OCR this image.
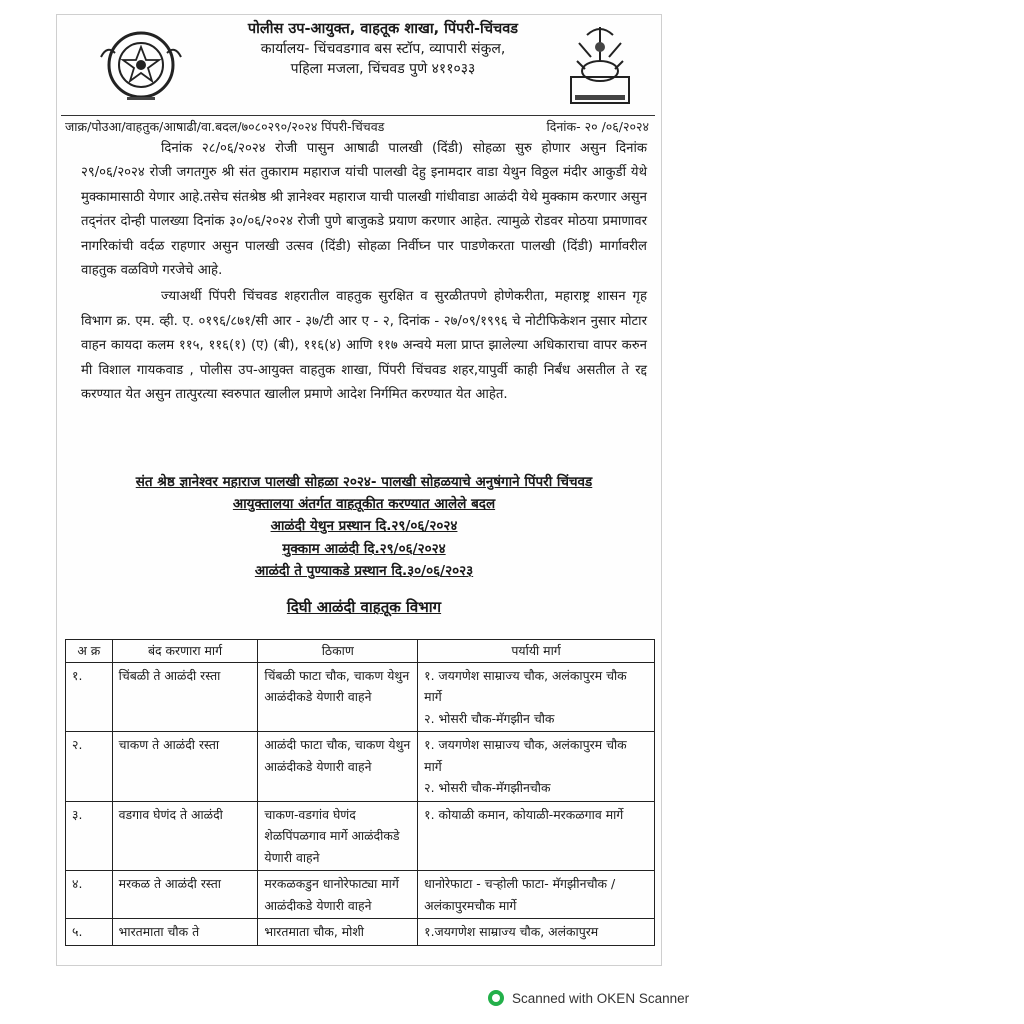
पोलीस उप-आयुक्त, वाहतूक शाखा, पिंपरी-चिंचवड
कार्यालय- चिंचवडगाव बस स्टॉप, व्यापारी संकुल,
पहिला मजला, चिंचवड पुणे ४११०३३
जाक्र/पोउआ/वाहतुक/आषाढी/वा.बदल/७०८०२९०/२०२४ पिंपरी-चिंचवड	दिनांक- २० /०६/२०२४

दिनांक २८/०६/२०२४ रोजी पासुन आषाढी पालखी (दिंडी) सोहळा सुरु होणार असुन दिनांक २९/०६/२०२४ रोजी जगतगुरु श्री संत तुकाराम महाराज यांची पालखी देहु इनामदार वाडा येथुन विठ्ठल मंदीर आकुर्डी येथे मुक्कामासाठी येणार आहे.तसेच संतश्रेष्ठ श्री ज्ञानेश्वर महाराज याची पालखी गांधीवाडा आळंदी येथे मुक्काम करणार असुन तद्नंतर दोन्ही पालख्या दिनांक ३०/०६/२०२४ रोजी पुणे बाजुकडे प्रयाण करणार आहेत. त्यामुळे रोडवर मोठया प्रमाणावर नागरिकांची वर्दळ राहणार असुन पालखी उत्सव (दिंडी) सोहळा निर्वीघ्न पार पाडणेकरता पालखी (दिंडी) मार्गावरील वाहतुक वळविणे गरजेचे आहे.

ज्याअर्थी पिंपरी चिंचवड शहरातील वाहतुक सुरक्षित व सुरळीतपणे होणेकरीता, महाराष्ट्र शासन गृह विभाग क्र. एम. व्ही. ए. ०१९६/८७१/सी आर - ३७/टी आर ए - २, दिनांक - २७/०९/१९९६ चे नोटीफिकेशन नुसार मोटार वाहन कायदा कलम ११५, ११६(१) (ए) (बी), ११६(४) आणि ११७ अन्वये मला प्राप्त झालेल्या अधिकाराचा वापर करुन मी विशाल गायकवाड , पोलीस उप-आयुक्त वाहतुक शाखा, पिंपरी चिंचवड शहर,यापुर्वी काही निर्बंध असतील ते रद्द करण्यात येत असुन तात्पुरत्या स्वरुपात खालील प्रमाणे आदेश निर्गमित करण्यात येत आहेत.

संत श्रेष्ठ ज्ञानेश्वर महाराज पालखी सोहळा २०२४- पालखी सोहळयाचे अनुषंगाने पिंपरी चिंचवड
आयुक्तालया अंतर्गत वाहतूकीत करण्यात आलेले बदल
आळंदी येथुन प्रस्थान दि.२९/०६/२०२४
मुक्काम आळंदी दि.२९/०६/२०२४
आळंदी ते पुण्याकडे प्रस्थान दि.३०/०६/२०२३
दिघी आळंदी वाहतूक विभाग
अ क्र	बंद करणारा मार्ग	ठिकाण	पर्यायी मार्ग
१.	चिंबळी ते आळंदी रस्ता	चिंबळी फाटा चौक, चाकण येथुन आळंदीकडे येणारी वाहने	१. जयगणेश साम्राज्य चौक, अलंकापुरम चौक मार्गे
२. भोसरी चौक-मॅगझीन चौक

२.	चाकण ते आळंदी रस्ता	आळंदी फाटा चौक, चाकण येथुन आळंदीकडे येणारी वाहने	१. जयगणेश साम्राज्य चौक, अलंकापुरम चौक मार्गे
२. भोसरी चौक-मॅगझीनचौक

३.	वडगाव घेणंद ते आळंदी	चाकण-वडगांव घेणंद शेळपिंपळगाव मार्गे आळंदीकडे येणारी वाहने	१. कोयाळी कमान, कोयाळी-मरकळगाव मार्गे

४.	मरकळ ते आळंदी रस्ता	मरकळकडुन धानोरेफाट्या मार्गे आळंदीकडे येणारी वाहने	धानोरेफाटा - चऱ्होली फाटा- मॅगझीनचौक /अलंकापुरमचौक मार्गे

५.	भारतमाता चौक ते	भारतमाता चौक, मोशी	१.जयगणेश साम्राज्य चौक, अलंकापुरम
Scanned with OKEN Scanner
